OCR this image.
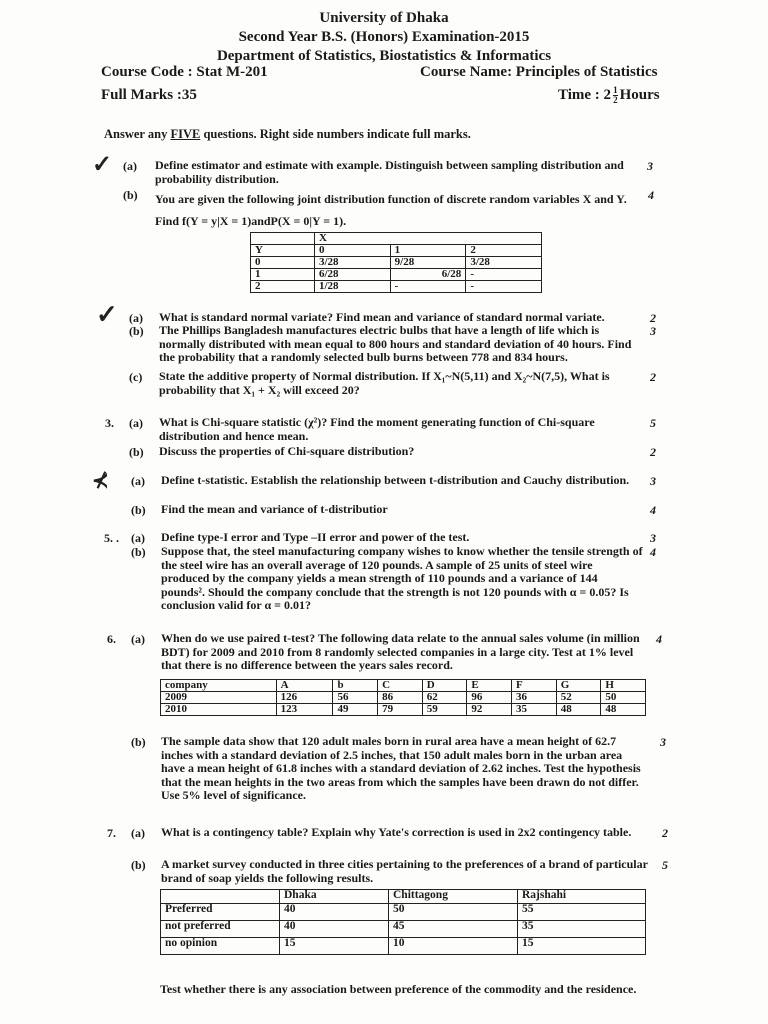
University of Dhaka
Second Year B.S. (Honors) Examination-2015
Department of Statistics, Biostatistics & Informatics
Course Code : Stat M-201	Course Name: Principles of Statistics
Full Marks :35	Time : $2 \frac{1}{2}$ Hours
Answer any FIVE questions. Right side numbers indicate full marks.
✓ (a) Define estimator and estimate with example. Distinguish between sampling distribution and probability distribution.
3
(b) You are given the following joint distribution function of discrete random variables X and Y. Find f(Y = y|X = 1)andP(X = 0|Y = 1).
4
	X		
Y	0	1	2
0	3/28	9/28	3/28
1	6/28	6/28	-
2	1/28	-	-
✓ (a) What is standard normal variate? Find mean and variance of standard normal variate.	2
(b) The Phillips Bangladesh manufactures electric bulbs that have a length of life which is normally distributed with mean equal to 800 hours and standard deviation of 40 hours. Find the probability that a randomly selected bulb burns between 778 and 834 hours.
3
(c) State the additive property of Normal distribution. If X₁~N(5,11) and X₂~N(7,5), What is probability that X₁ + X₂ will exceed 20?
2
3. (a) What is Chi-square statistic (χ²)? Find the moment generating function of Chi-square distribution and hence mean.
5
(b) Discuss the properties of Chi-square distribution?	2
⊀ (a) Define t-statistic. Establish the relationship between t-distribution and Cauchy distribution.	3
(b) Find the mean and variance of t-distributior	4
5. . (a) Define type-I error and Type –II error and power of the test.	3
(b) Suppose that, the steel manufacturing company wishes to know whether the tensile strength of the steel wire has an overall average of 120 pounds. A sample of 25 units of steel wire produced by the company yields a mean strength of 110 pounds and a variance of 144 pounds². Should the company conclude that the strength is not 120 pounds with α = 0.05? Is conclusion valid for α = 0.01?
4
6. (a) When do we use paired t-test? The following data relate to the annual sales volume (in million BDT) for 2009 and 2010 from 8 randomly selected companies in a large city. Test at 1% level that there is no difference between the years sales record.
4
company	A	b	C	D	E	F	G	H
2009	126	56	86	62	96	36	52	50
2010	123	49	79	59	92	35	48	48
(b) The sample data show that 120 adult males born in rural area have a mean height of 62.7 inches with a standard deviation of 2.5 inches, that 150 adult males born in the urban area have a mean height of 61.8 inches with a standard deviation of 2.62 inches. Test the hypothesis that the mean heights in the two areas from which the samples have been drawn do not differ. Use 5% level of significance.
3
7. (a) What is a contingency table? Explain why Yate's correction is used in 2x2 contingency table.	2
(b) A market survey conducted in three cities pertaining to the preferences of a brand of particular brand of soap yields the following results.
5
	Dhaka	Chittagong	Rajshahi
Preferred	40	50	55
not preferred	40	45	35
no opinion	15	10	15
Test whether there is any association between preference of the commodity and the residence.
